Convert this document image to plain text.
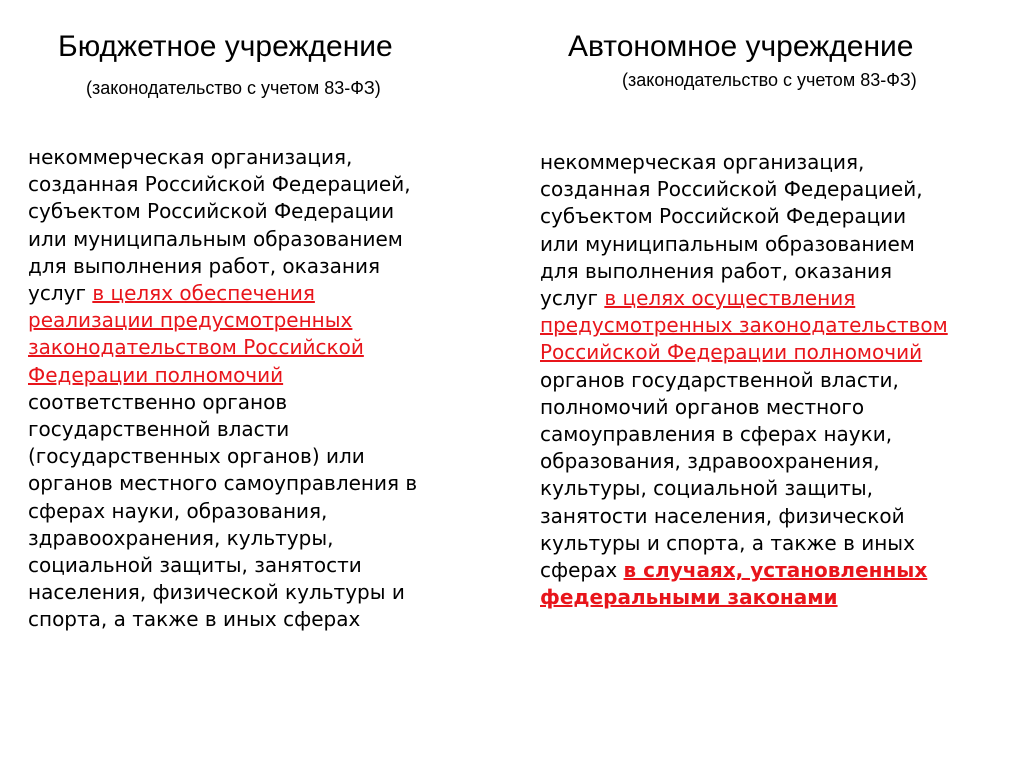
Бюджетное учреждение
(законодательство с учетом 83-ФЗ)
некоммерческая организация,
созданная Российской Федерацией,
субъектом Российской Федерации
или муниципальным образованием
для выполнения работ, оказания
услуг в целях обеспечения
реализации предусмотренных
законодательством Российской
Федерации полномочий
соответственно органов
государственной власти
(государственных органов) или
органов местного самоуправления в
сферах науки, образования,
здравоохранения, культуры,
социальной защиты, занятости
населения, физической культуры и
спорта, а также в иных сферах
Автономное учреждение
(законодательство с учетом 83-ФЗ)
некоммерческая организация,
созданная Российской Федерацией,
субъектом Российской Федерации
или муниципальным образованием
для выполнения работ, оказания
услуг в целях осуществления
предусмотренных законодательством
Российской Федерации полномочий
органов государственной власти,
полномочий органов местного
самоуправления в сферах науки,
образования, здравоохранения,
культуры, социальной защиты,
занятости населения, физической
культуры и спорта, а также в иных
сферах в случаях, установленных
федеральными законами
